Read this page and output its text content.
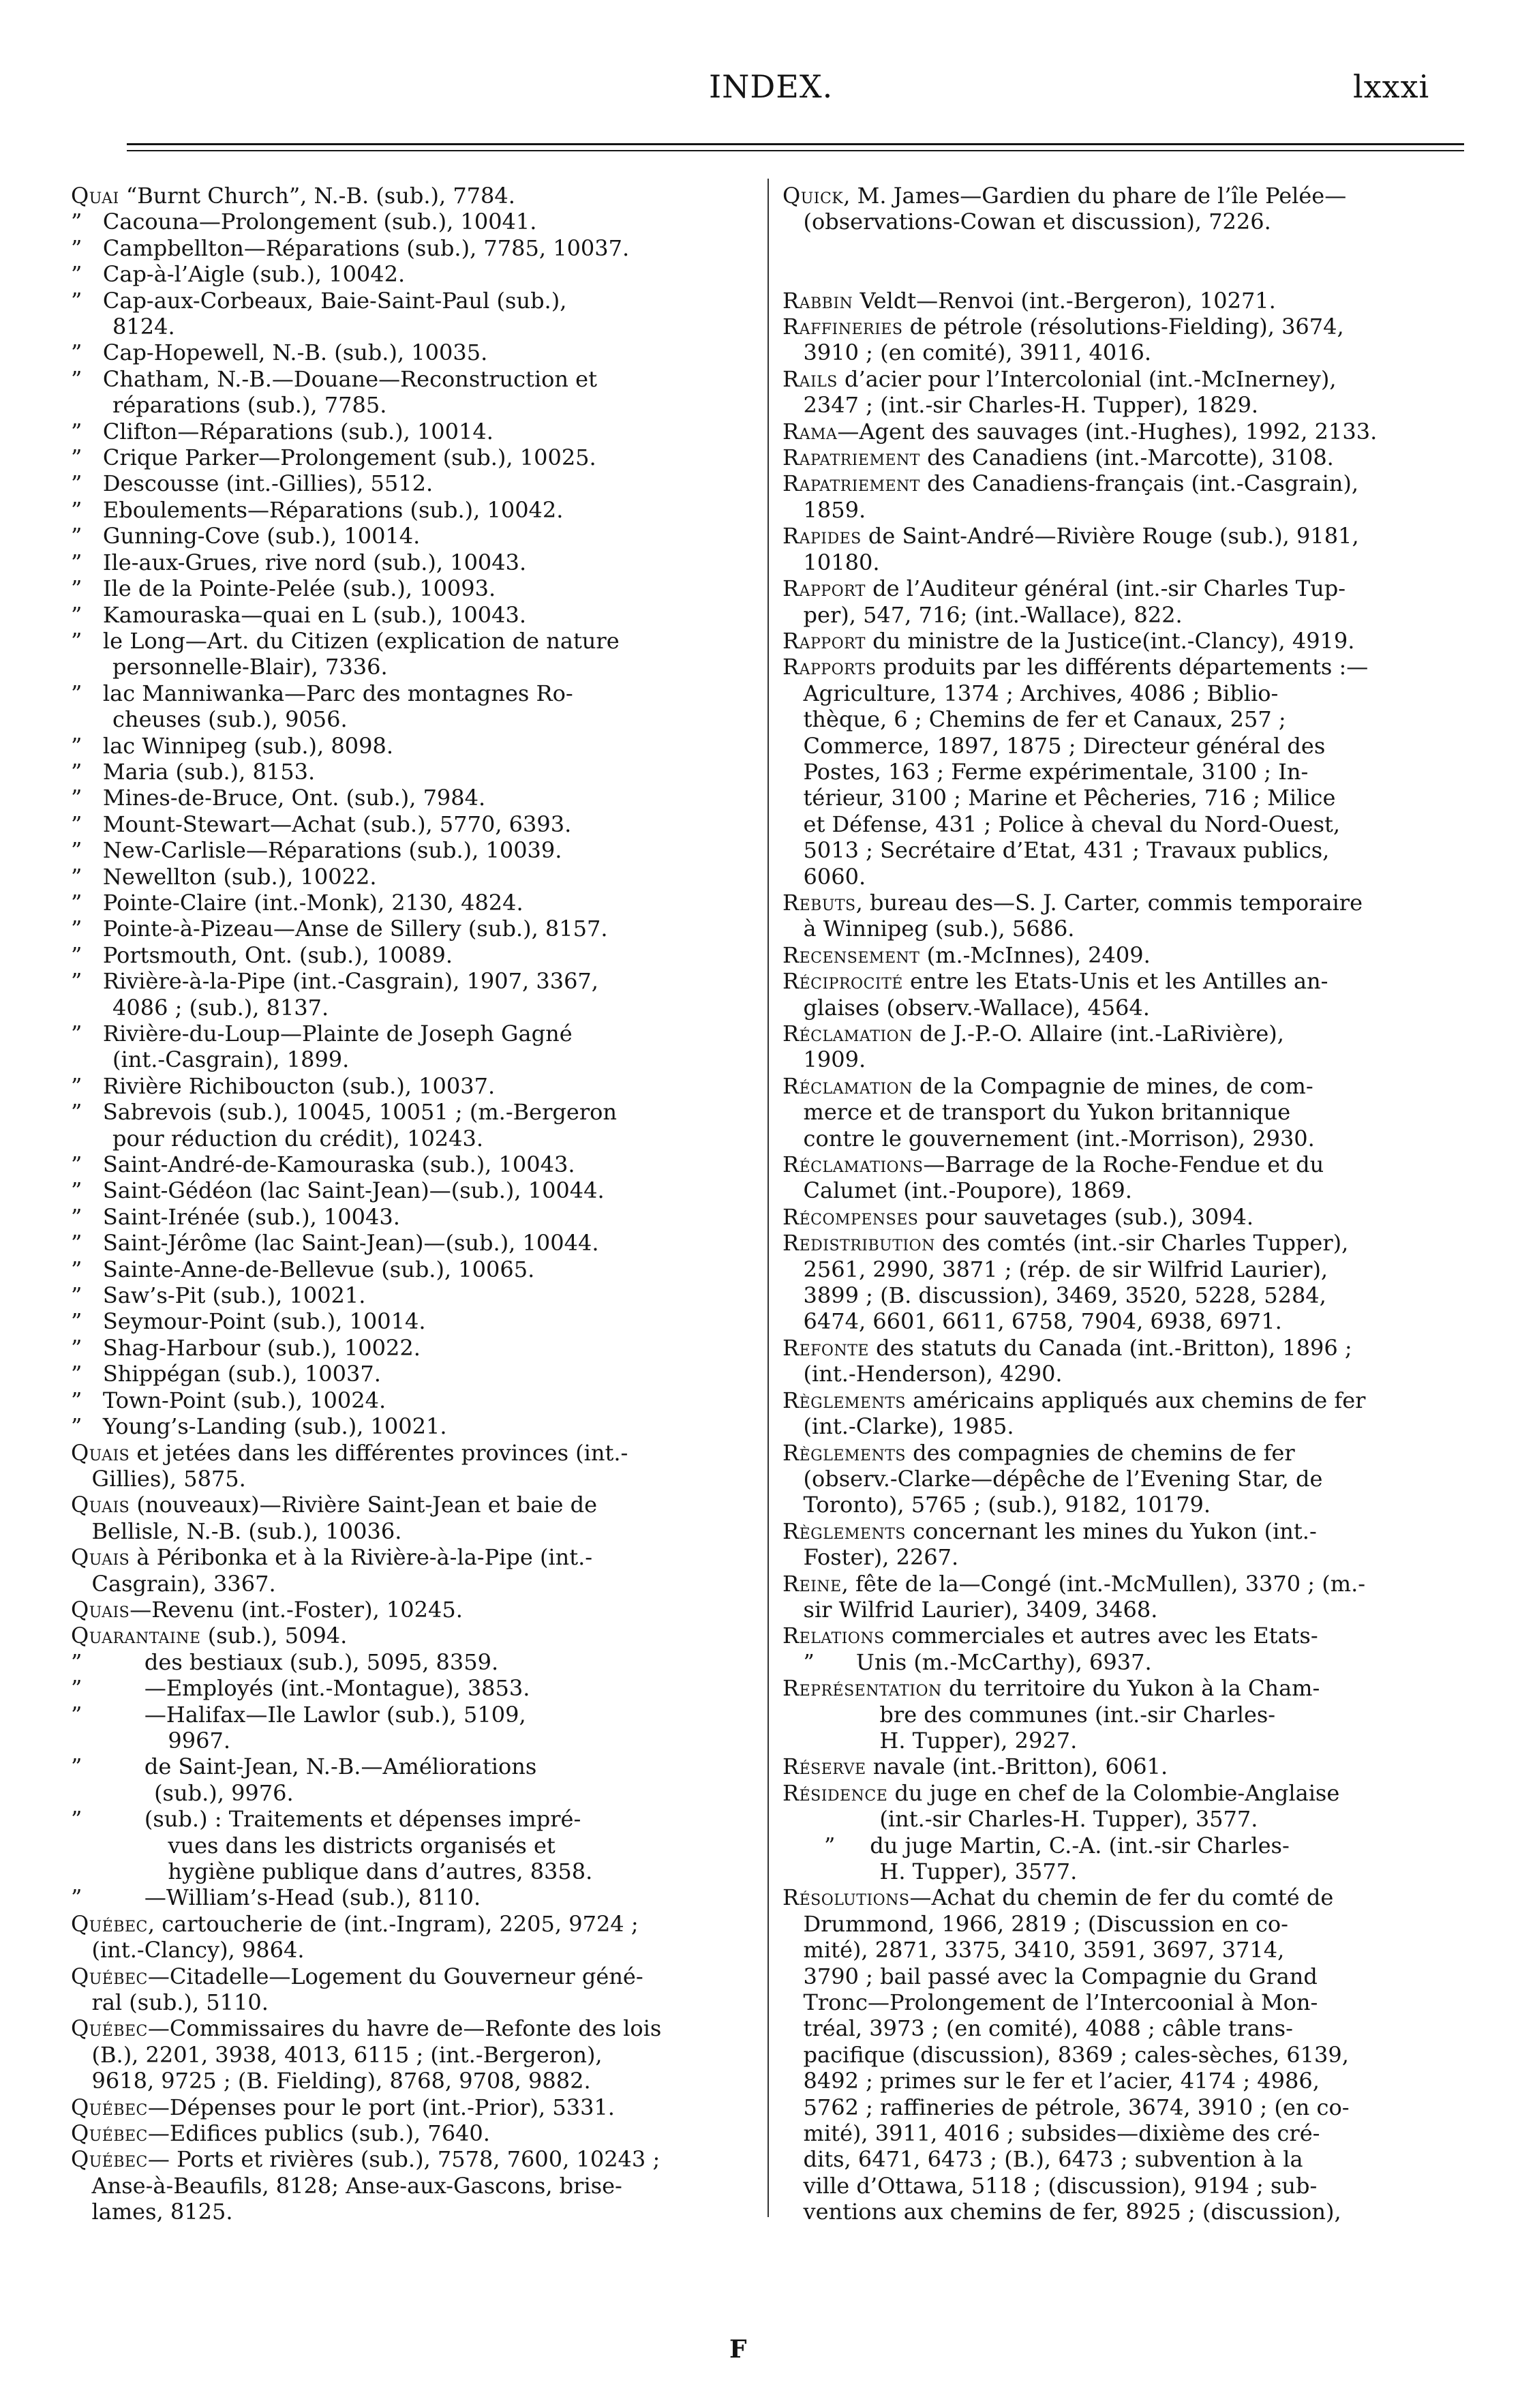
INDEX.	lxxxi
Quai “Burnt Church”, N.-B. (sub.), 7784.
”   Cacouna—Prolongement (sub.), 10041.
”   Campbellton—Réparations (sub.), 7785, 10037.
”   Cap-à-l’Aigle (sub.), 10042.
”   Cap-aux-Corbeaux, Baie-Saint-Paul (sub.),
8124.
”   Cap-Hopewell, N.-B. (sub.), 10035.
”   Chatham, N.-B.—Douane—Reconstruction et
réparations (sub.), 7785.
”   Clifton—Réparations (sub.), 10014.
”   Crique Parker—Prolongement (sub.), 10025.
”   Descousse (int.-Gillies), 5512.
”   Eboulements—Réparations (sub.), 10042.
”   Gunning-Cove (sub.), 10014.
”   Ile-aux-Grues, rive nord (sub.), 10043.
”   Ile de la Pointe-Pelée (sub.), 10093.
”   Kamouraska—quai en L (sub.), 10043.
”   le Long—Art. du Citizen (explication de nature
personnelle-Blair), 7336.
”   lac Manniwanka—Parc des montagnes Ro-
cheuses (sub.), 9056.
”   lac Winnipeg (sub.), 8098.
”   Maria (sub.), 8153.
”   Mines-de-Bruce, Ont. (sub.), 7984.
”   Mount-Stewart—Achat (sub.), 5770, 6393.
”   New-Carlisle—Réparations (sub.), 10039.
”   Newellton (sub.), 10022.
”   Pointe-Claire (int.-Monk), 2130, 4824.
”   Pointe-à-Pizeau—Anse de Sillery (sub.), 8157.
”   Portsmouth, Ont. (sub.), 10089.
”   Rivière-à-la-Pipe (int.-Casgrain), 1907, 3367,
4086 ; (sub.), 8137.
”   Rivière-du-Loup—Plainte de Joseph Gagné
(int.-Casgrain), 1899.
”   Rivière Richiboucton (sub.), 10037.
”   Sabrevois (sub.), 10045, 10051 ; (m.-Bergeron
pour réduction du crédit), 10243.
”   Saint-André-de-Kamouraska (sub.), 10043.
”   Saint-Gédéon (lac Saint-Jean)—(sub.), 10044.
”   Saint-Irénée (sub.), 10043.
”   Saint-Jérôme (lac Saint-Jean)—(sub.), 10044.
”   Sainte-Anne-de-Bellevue (sub.), 10065.
”   Saw’s-Pit (sub.), 10021.
”   Seymour-Point (sub.), 10014.
”   Shag-Harbour (sub.), 10022.
”   Shippégan (sub.), 10037.
”   Town-Point (sub.), 10024.
”   Young’s-Landing (sub.), 10021.
Quais et jetées dans les différentes provinces (int.-
Gillies), 5875.
Quais (nouveaux)—Rivière Saint-Jean et baie de
Bellisle, N.-B. (sub.), 10036.
Quais à Péribonka et à la Rivière-à-la-Pipe (int.-
Casgrain), 3367.
Quais—Revenu (int.-Foster), 10245.
Quarantaine (sub.), 5094.
”         des bestiaux (sub.), 5095, 8359.
”         —Employés (int.-Montague), 3853.
”         —Halifax—Ile Lawlor (sub.), 5109,
9967.
”         de Saint-Jean, N.-B.—Améliorations
(sub.), 9976.
”         (sub.) : Traitements et dépenses impré-
vues dans les districts organisés et
hygiène publique dans d’autres, 8358.
”         —William’s-Head (sub.), 8110.
Québec, cartoucherie de (int.-Ingram), 2205, 9724 ;
(int.-Clancy), 9864.
Québec—Citadelle—Logement du Gouverneur géné-
ral (sub.), 5110.
Québec—Commissaires du havre de—Refonte des lois
(B.), 2201, 3938, 4013, 6115 ; (int.-Bergeron),
9618, 9725 ; (B. Fielding), 8768, 9708, 9882.
Québec—Dépenses pour le port (int.-Prior), 5331.
Québec—Edifices publics (sub.), 7640.
Québec— Ports et rivières (sub.), 7578, 7600, 10243 ;
Anse-à-Beaufils, 8128; Anse-aux-Gascons, brise-
lames, 8125.
Quick, M. James—Gardien du phare de l’île Pelée—
(observations-Cowan et discussion), 7226.

Rabbin Veldt—Renvoi (int.-Bergeron), 10271.
Raffineries de pétrole (résolutions-Fielding), 3674,
3910 ; (en comité), 3911, 4016.
Rails d’acier pour l’Intercolonial (int.-McInerney),
2347 ; (int.-sir Charles-H. Tupper), 1829.
Rama—Agent des sauvages (int.-Hughes), 1992, 2133.
Rapatriement des Canadiens (int.-Marcotte), 3108.
Rapatriement des Canadiens-français (int.-Casgrain),
1859.
Rapides de Saint-André—Rivière Rouge (sub.), 9181,
10180.
Rapport de l’Auditeur général (int.-sir Charles Tup-
per), 547, 716; (int.-Wallace), 822.
Rapport du ministre de la Justice(int.-Clancy), 4919.
Rapports produits par les différents départements :—
Agriculture, 1374 ; Archives, 4086 ; Biblio-
thèque, 6 ; Chemins de fer et Canaux, 257 ;
Commerce, 1897, 1875 ; Directeur général des
Postes, 163 ; Ferme expérimentale, 3100 ; In-
térieur, 3100 ; Marine et Pêcheries, 716 ; Milice
et Défense, 431 ; Police à cheval du Nord-Ouest,
5013 ; Secrétaire d’Etat, 431 ; Travaux publics,
6060.
Rebuts, bureau des—S. J. Carter, commis temporaire
à Winnipeg (sub.), 5686.
Recensement (m.-McInnes), 2409.
Réciprocité entre les Etats-Unis et les Antilles an-
glaises (observ.-Wallace), 4564.
Réclamation de J.-P.-O. Allaire (int.-LaRivière),
1909.
Réclamation de la Compagnie de mines, de com-
merce et de transport du Yukon britannique
contre le gouvernement (int.-Morrison), 2930.
Réclamations—Barrage de la Roche-Fendue et du
Calumet (int.-Poupore), 1869.
Récompenses pour sauvetages (sub.), 3094.
Redistribution des comtés (int.-sir Charles Tupper),
2561, 2990, 3871 ; (rép. de sir Wilfrid Laurier),
3899 ; (B. discussion), 3469, 3520, 5228, 5284,
6474, 6601, 6611, 6758, 7904, 6938, 6971.
Refonte des statuts du Canada (int.-Britton), 1896 ;
(int.-Henderson), 4290.
Règlements américains appliqués aux chemins de fer
(int.-Clarke), 1985.
Règlements des compagnies de chemins de fer
(observ.-Clarke—dépêche de l’Evening Star, de
Toronto), 5765 ; (sub.), 9182, 10179.
Règlements concernant les mines du Yukon (int.-
Foster), 2267.
Reine, fête de la—Congé (int.-McMullen), 3370 ; (m.-
sir Wilfrid Laurier), 3409, 3468.
Relations commerciales et autres avec les Etats-
”      Unis (m.-McCarthy), 6937.
Représentation du territoire du Yukon à la Cham-
bre des communes (int.-sir Charles-
H. Tupper), 2927.
Réserve navale (int.-Britton), 6061.
Résidence du juge en chef de la Colombie-Anglaise
(int.-sir Charles-H. Tupper), 3577.
”     du juge Martin, C.-A. (int.-sir Charles-
H. Tupper), 3577.
Résolutions—Achat du chemin de fer du comté de
Drummond, 1966, 2819 ; (Discussion en co-
mité), 2871, 3375, 3410, 3591, 3697, 3714,
3790 ; bail passé avec la Compagnie du Grand
Tronc—Prolongement de l’Intercoonial à Mon-
tréal, 3973 ; (en comité), 4088 ; câble trans-
pacifique (discussion), 8369 ; cales-sèches, 6139,
8492 ; primes sur le fer et l’acier, 4174 ; 4986,
5762 ; raffineries de pétrole, 3674, 3910 ; (en co-
mité), 3911, 4016 ; subsides—dixième des cré-
dits, 6471, 6473 ; (B.), 6473 ; subvention à la
ville d’Ottawa, 5118 ; (discussion), 9194 ; sub-
ventions aux chemins de fer, 8925 ; (discussion),
F
